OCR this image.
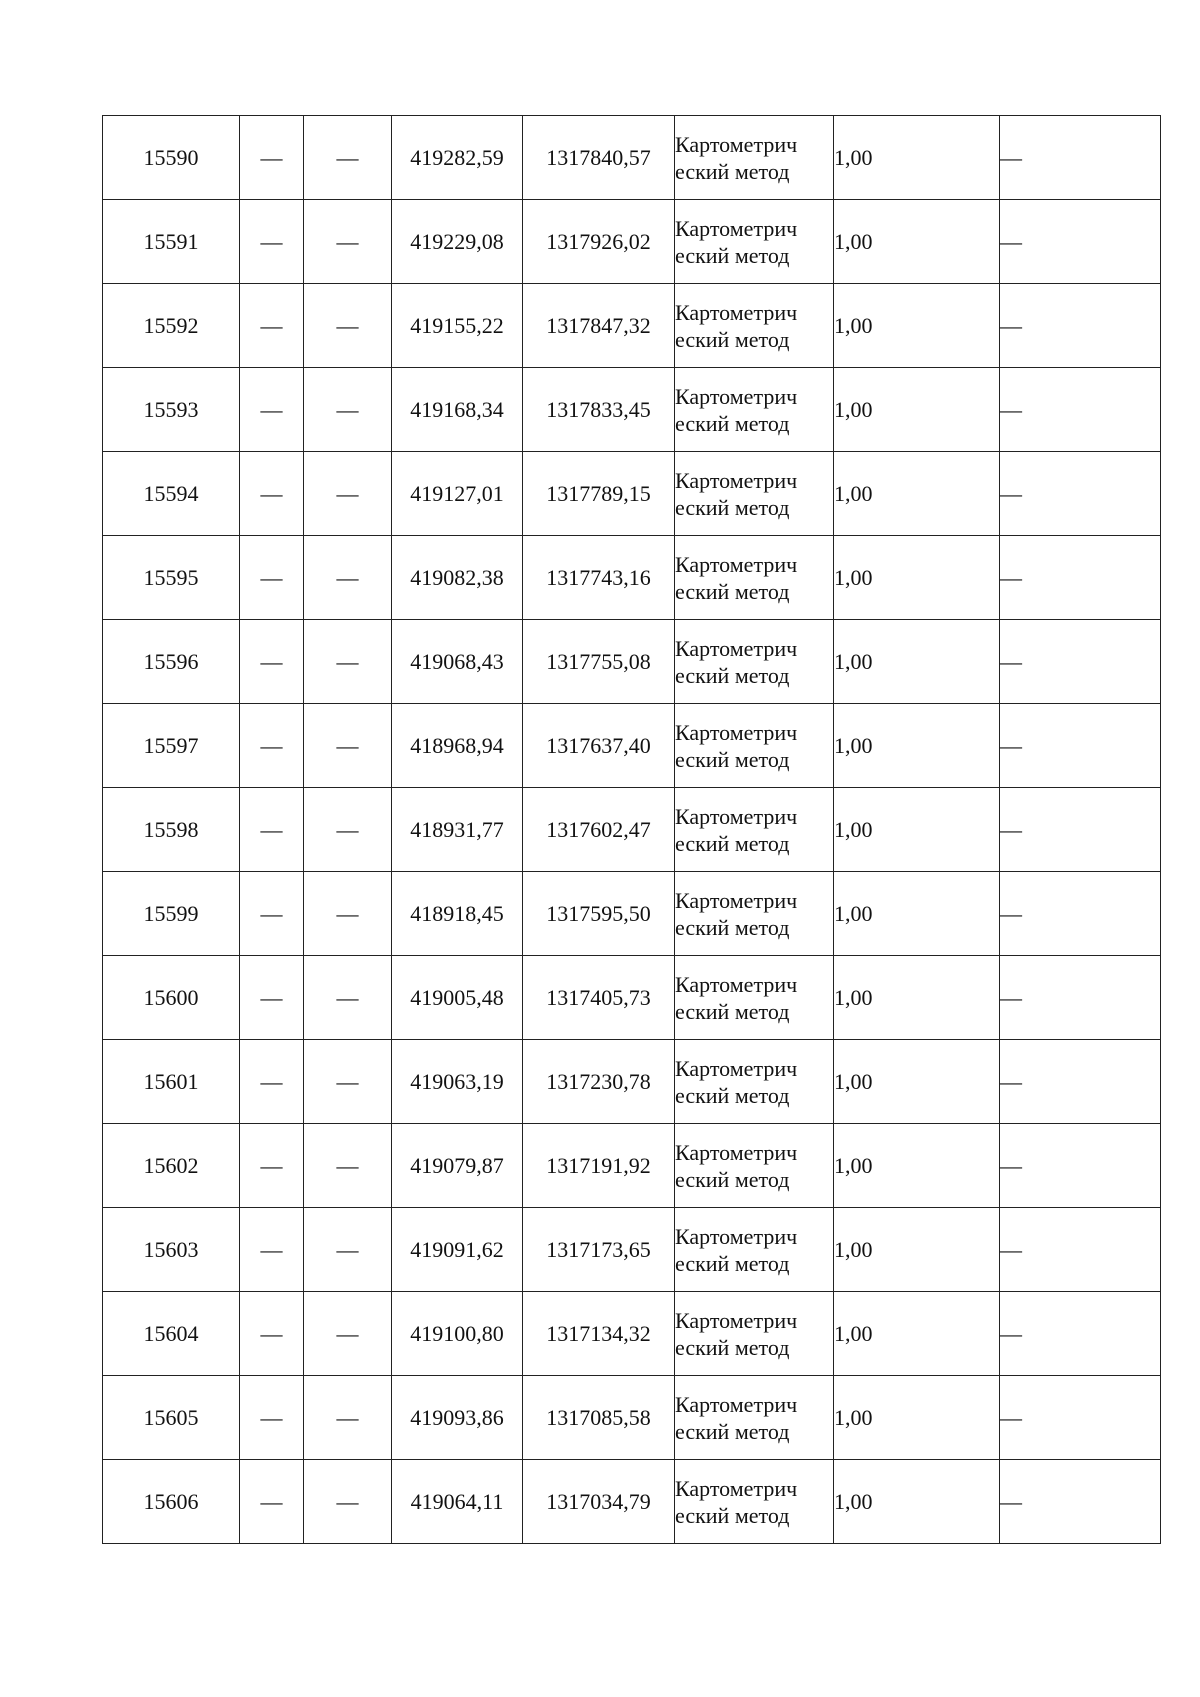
15590	—	—	419282,59	1317840,57	Картометрический метод	1,00	—
15591	—	—	419229,08	1317926,02	Картометрический метод	1,00	—
15592	—	—	419155,22	1317847,32	Картометрический метод	1,00	—
15593	—	—	419168,34	1317833,45	Картометрический метод	1,00	—
15594	—	—	419127,01	1317789,15	Картометрический метод	1,00	—
15595	—	—	419082,38	1317743,16	Картометрический метод	1,00	—
15596	—	—	419068,43	1317755,08	Картометрический метод	1,00	—
15597	—	—	418968,94	1317637,40	Картометрический метод	1,00	—
15598	—	—	418931,77	1317602,47	Картометрический метод	1,00	—
15599	—	—	418918,45	1317595,50	Картометрический метод	1,00	—
15600	—	—	419005,48	1317405,73	Картометрический метод	1,00	—
15601	—	—	419063,19	1317230,78	Картометрический метод	1,00	—
15602	—	—	419079,87	1317191,92	Картометрический метод	1,00	—
15603	—	—	419091,62	1317173,65	Картометрический метод	1,00	—
15604	—	—	419100,80	1317134,32	Картометрический метод	1,00	—
15605	—	—	419093,86	1317085,58	Картометрический метод	1,00	—
15606	—	—	419064,11	1317034,79	Картометрический метод	1,00	—
